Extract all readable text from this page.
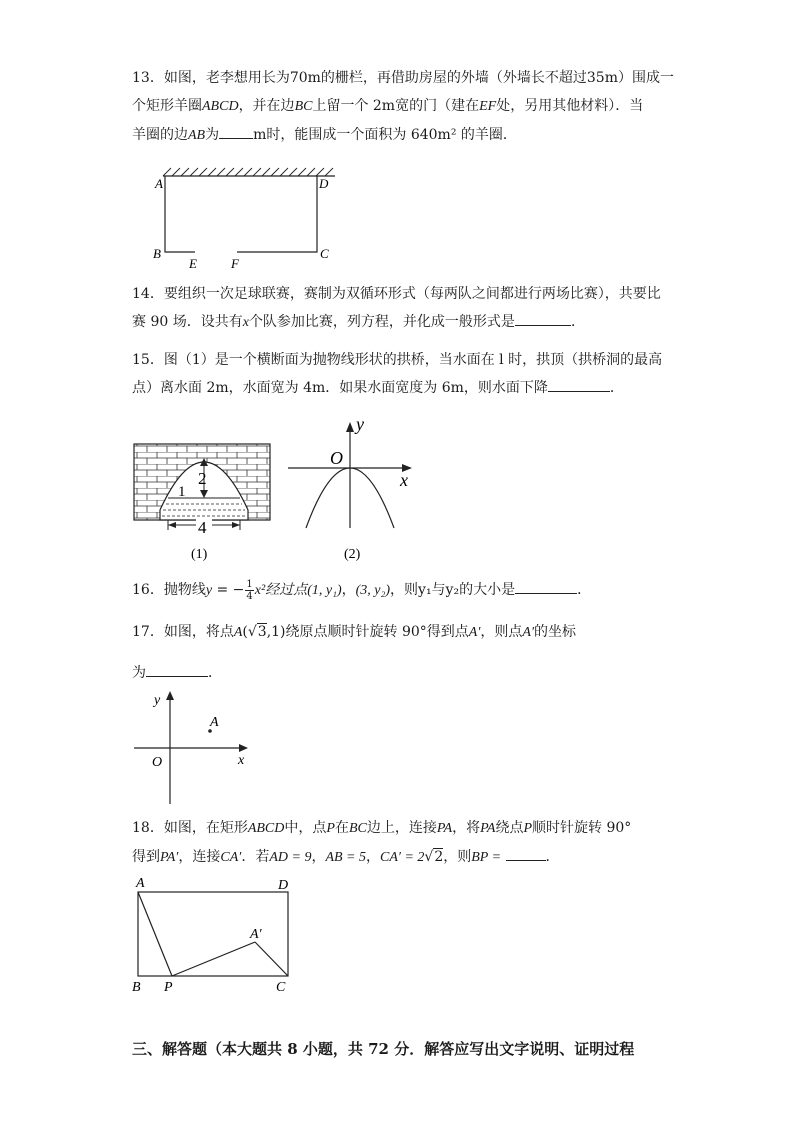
13．如图，老李想用长为70m的栅栏，再借助房屋的外墙（外墙长不超过35m）围成一
个矩形羊圈ABCD，并在边BC上留一个 2m宽的门（建在EF处，另用其他材料）．当
羊圈的边AB为 m时，能围成一个面积为 640m² 的羊圈．
A	D
B	C
E	F
14．要组织一次足球联赛，赛制为双循环形式（每两队之间都进行两场比赛），共要比
赛 90 场．设共有x个队参加比赛，列方程，并化成一般形式是	．
15．图（1）是一个横断面为抛物线形状的拱桥，当水面在 l 时，拱顶（拱桥洞的最高
点）离水面 2m，水面宽为 4m．如果水面宽度为 6m，则水面下降	．
2
1
4
(1)
O
x
y
(2)
16．抛物线y = − $\frac{1}{4} x^2$经过点(1, y₁)，(3, y₂)，则y₁与y₂的大小是	．
17．如图，将点A(√3,1)绕原点顺时针旋转 90°得到点A′，则点A′的坐标
为	．
A
O	x
y
18．如图，在矩形ABCD中，点P在BC边上，连接PA，将PA绕点P顺时针旋转 90°
得到PA′，连接CA′．若AD = 9，AB = 5，CA′ = 2√2，则BP =	．
A	D
B P	C
A′
三、解答题（本大题共 8 小题，共 72 分．解答应写出文字说明、证明过程
